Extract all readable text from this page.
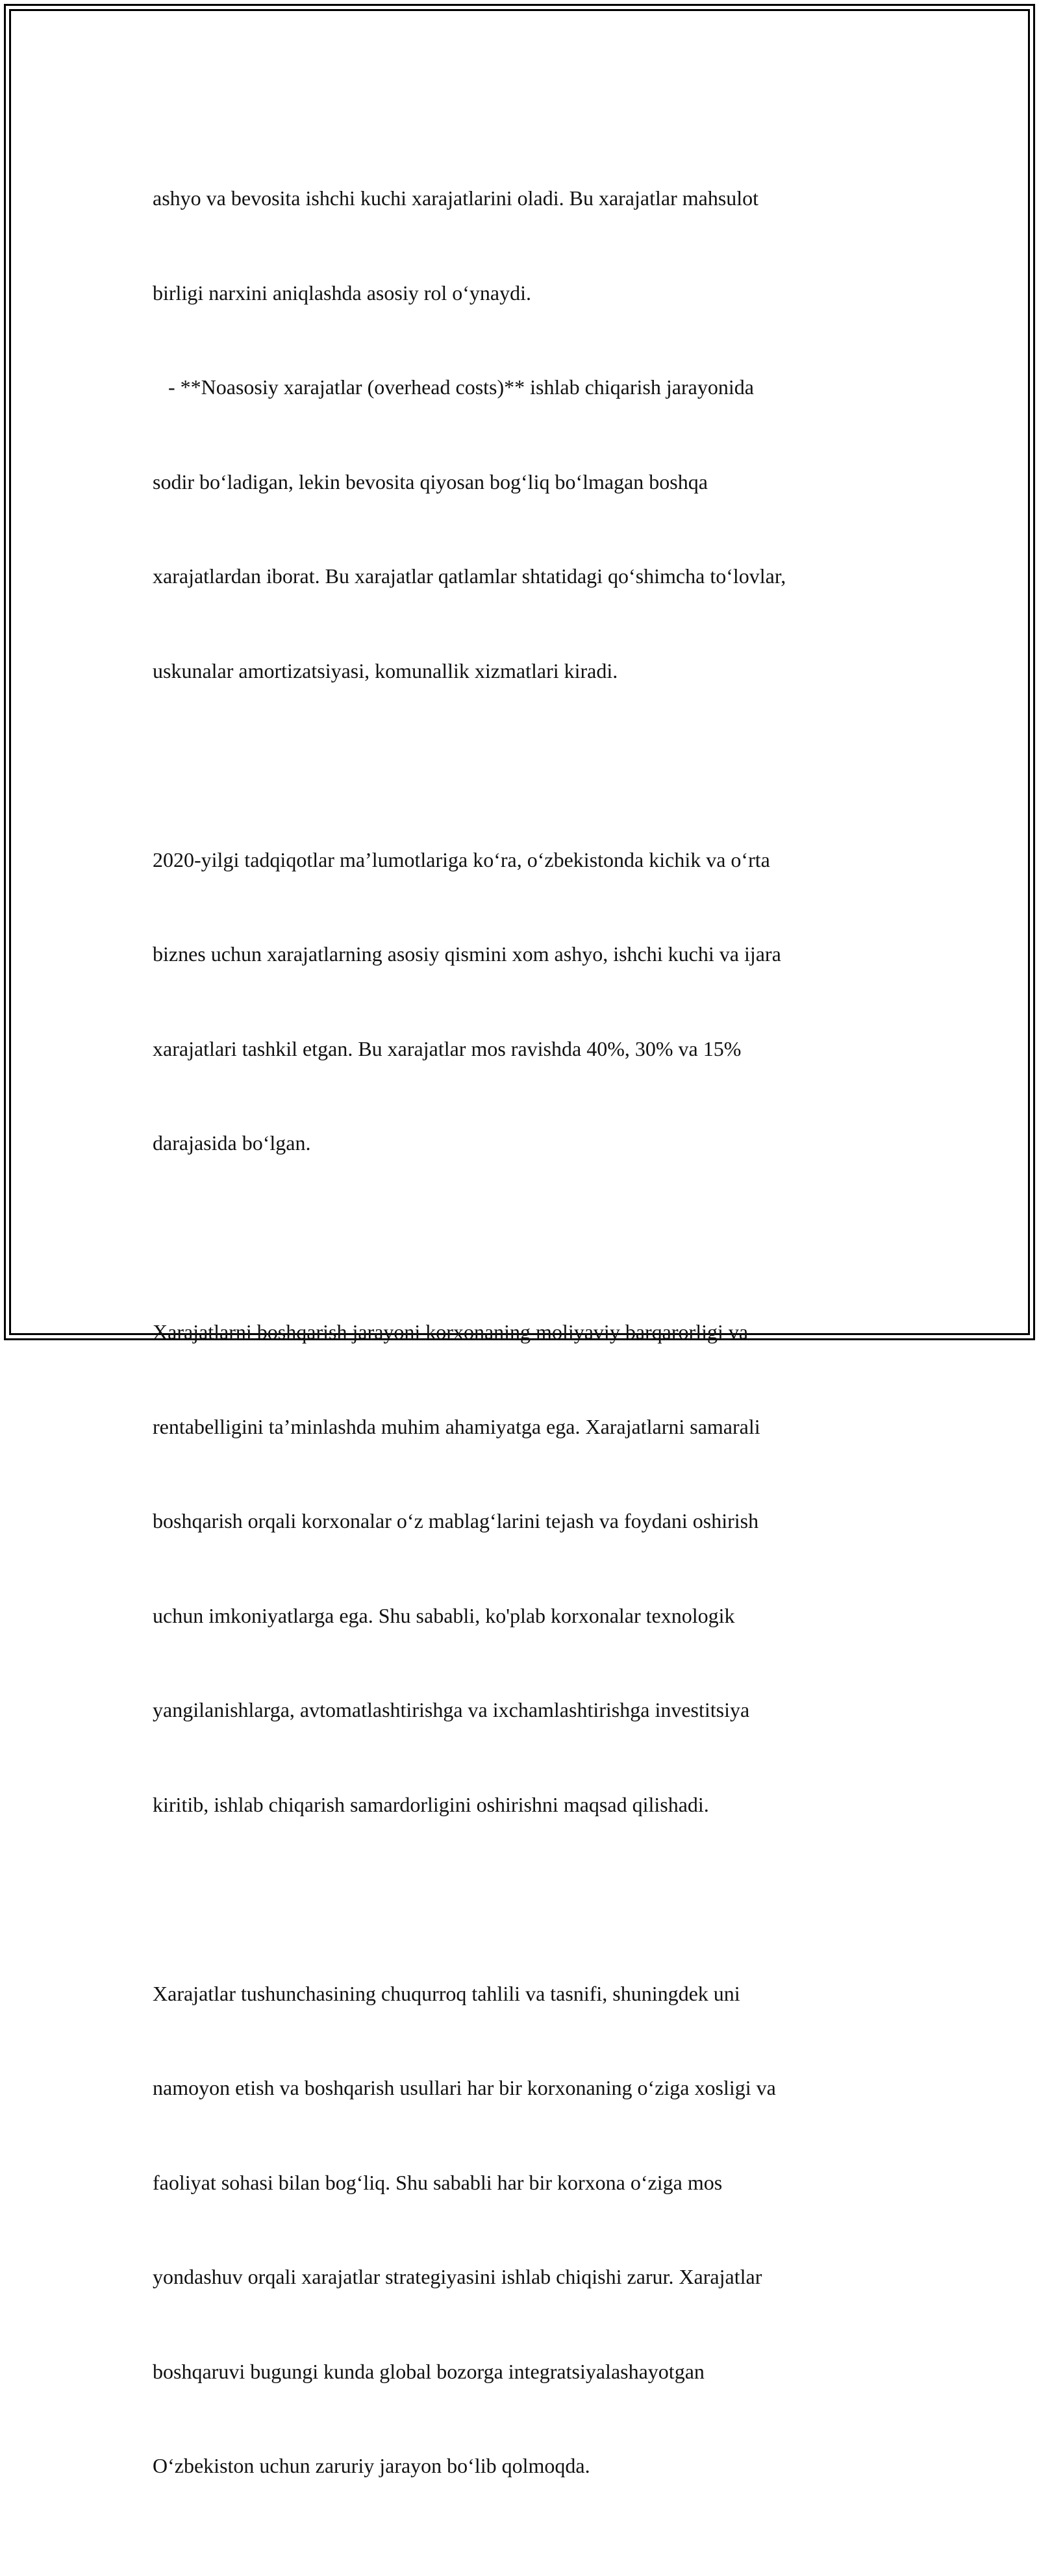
ashyo va bevosita ishchi kuchi xarajatlarini oladi. Bu xarajatlar mahsulot

birligi narxini aniqlashda asosiy rol o‘ynaydi.

- **Noasosiy xarajatlar (overhead costs)** ishlab chiqarish jarayonida

sodir bo‘ladigan, lekin bevosita qiyosan bog‘liq bo‘lmagan boshqa

xarajatlardan iborat. Bu xarajatlar qatlamlar shtatidagi qo‘shimcha to‘lovlar,

uskunalar amortizatsiyasi, komunallik xizmatlari kiradi.

2020-yilgi tadqiqotlar ma’lumotlariga ko‘ra, o‘zbekistonda kichik va o‘rta

biznes uchun xarajatlarning asosiy qismini xom ashyo, ishchi kuchi va ijara

xarajatlari tashkil etgan. Bu xarajatlar mos ravishda 40%, 30% va 15%

darajasida bo‘lgan.

Xarajatlarni boshqarish jarayoni korxonaning moliyaviy barqarorligi va

rentabelligini ta’minlashda muhim ahamiyatga ega. Xarajatlarni samarali

boshqarish orqali korxonalar o‘z mablag‘larini tejash va foydani oshirish

uchun imkoniyatlarga ega. Shu sababli, ko'plab korxonalar texnologik

yangilanishlarga, avtomatlashtirishga va ixchamlashtirishga investitsiya

kiritib, ishlab chiqarish samardorligini oshirishni maqsad qilishadi.

Xarajatlar tushunchasining chuqurroq tahlili va tasnifi, shuningdek uni

namoyon etish va boshqarish usullari har bir korxonaning o‘ziga xosligi va

faoliyat sohasi bilan bog‘liq. Shu sababli har bir korxona o‘ziga mos

yondashuv orqali xarajatlar strategiyasini ishlab chiqishi zarur. Xarajatlar

boshqaruvi bugungi kunda global bozorga integratsiyalashayotgan

O‘zbekiston uchun zaruriy jarayon bo‘lib qolmoqda.
